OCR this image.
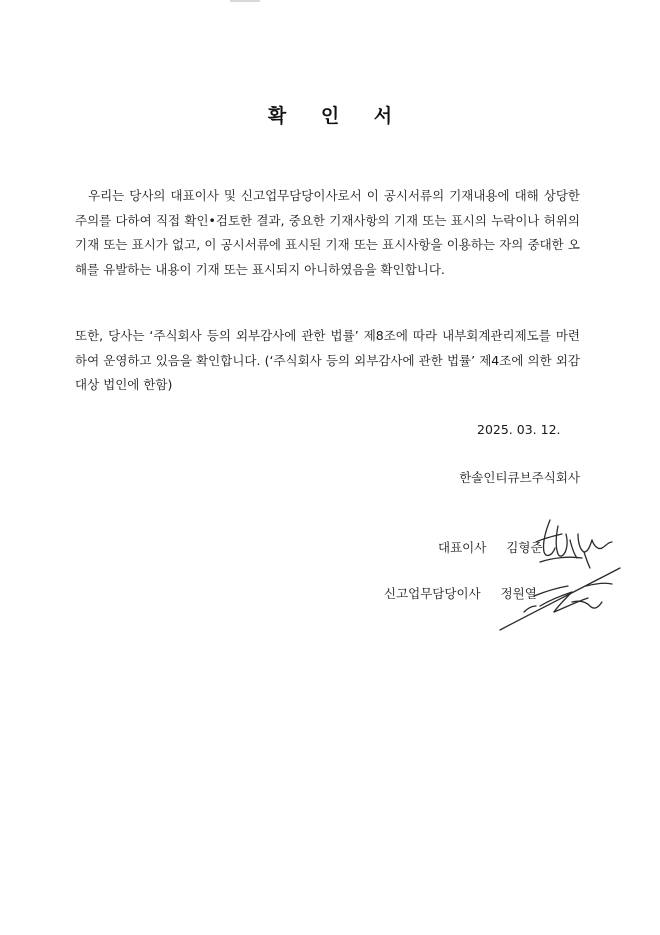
확 인 서

우리는 당사의 대표이사 및 신고업무담당이사로서 이 공시서류의 기재내용에 대해 상당한 주의를 다하여 직접 확인•검토한 결과, 중요한 기재사항의 기재 또는 표시의 누락이나 허위의 기재 또는 표시가 없고, 이 공시서류에 표시된 기재 또는 표시사항을 이용하는 자의 중대한 오해를 유발하는 내용이 기재 또는 표시되지 아니하였음을 확인합니다.

또한, 당사는 ‘주식회사 등의 외부감사에 관한 법률’ 제8조에 따라 내부회계관리제도를 마련하여 운영하고 있음을 확인합니다. (‘주식회사 등의 외부감사에 관한 법률’ 제4조에 의한 외감대상 법인에 한함)

2025. 03. 12.
한솔인티큐브주식회사
대표이사 김형준
신고업무담당이사 정원열
